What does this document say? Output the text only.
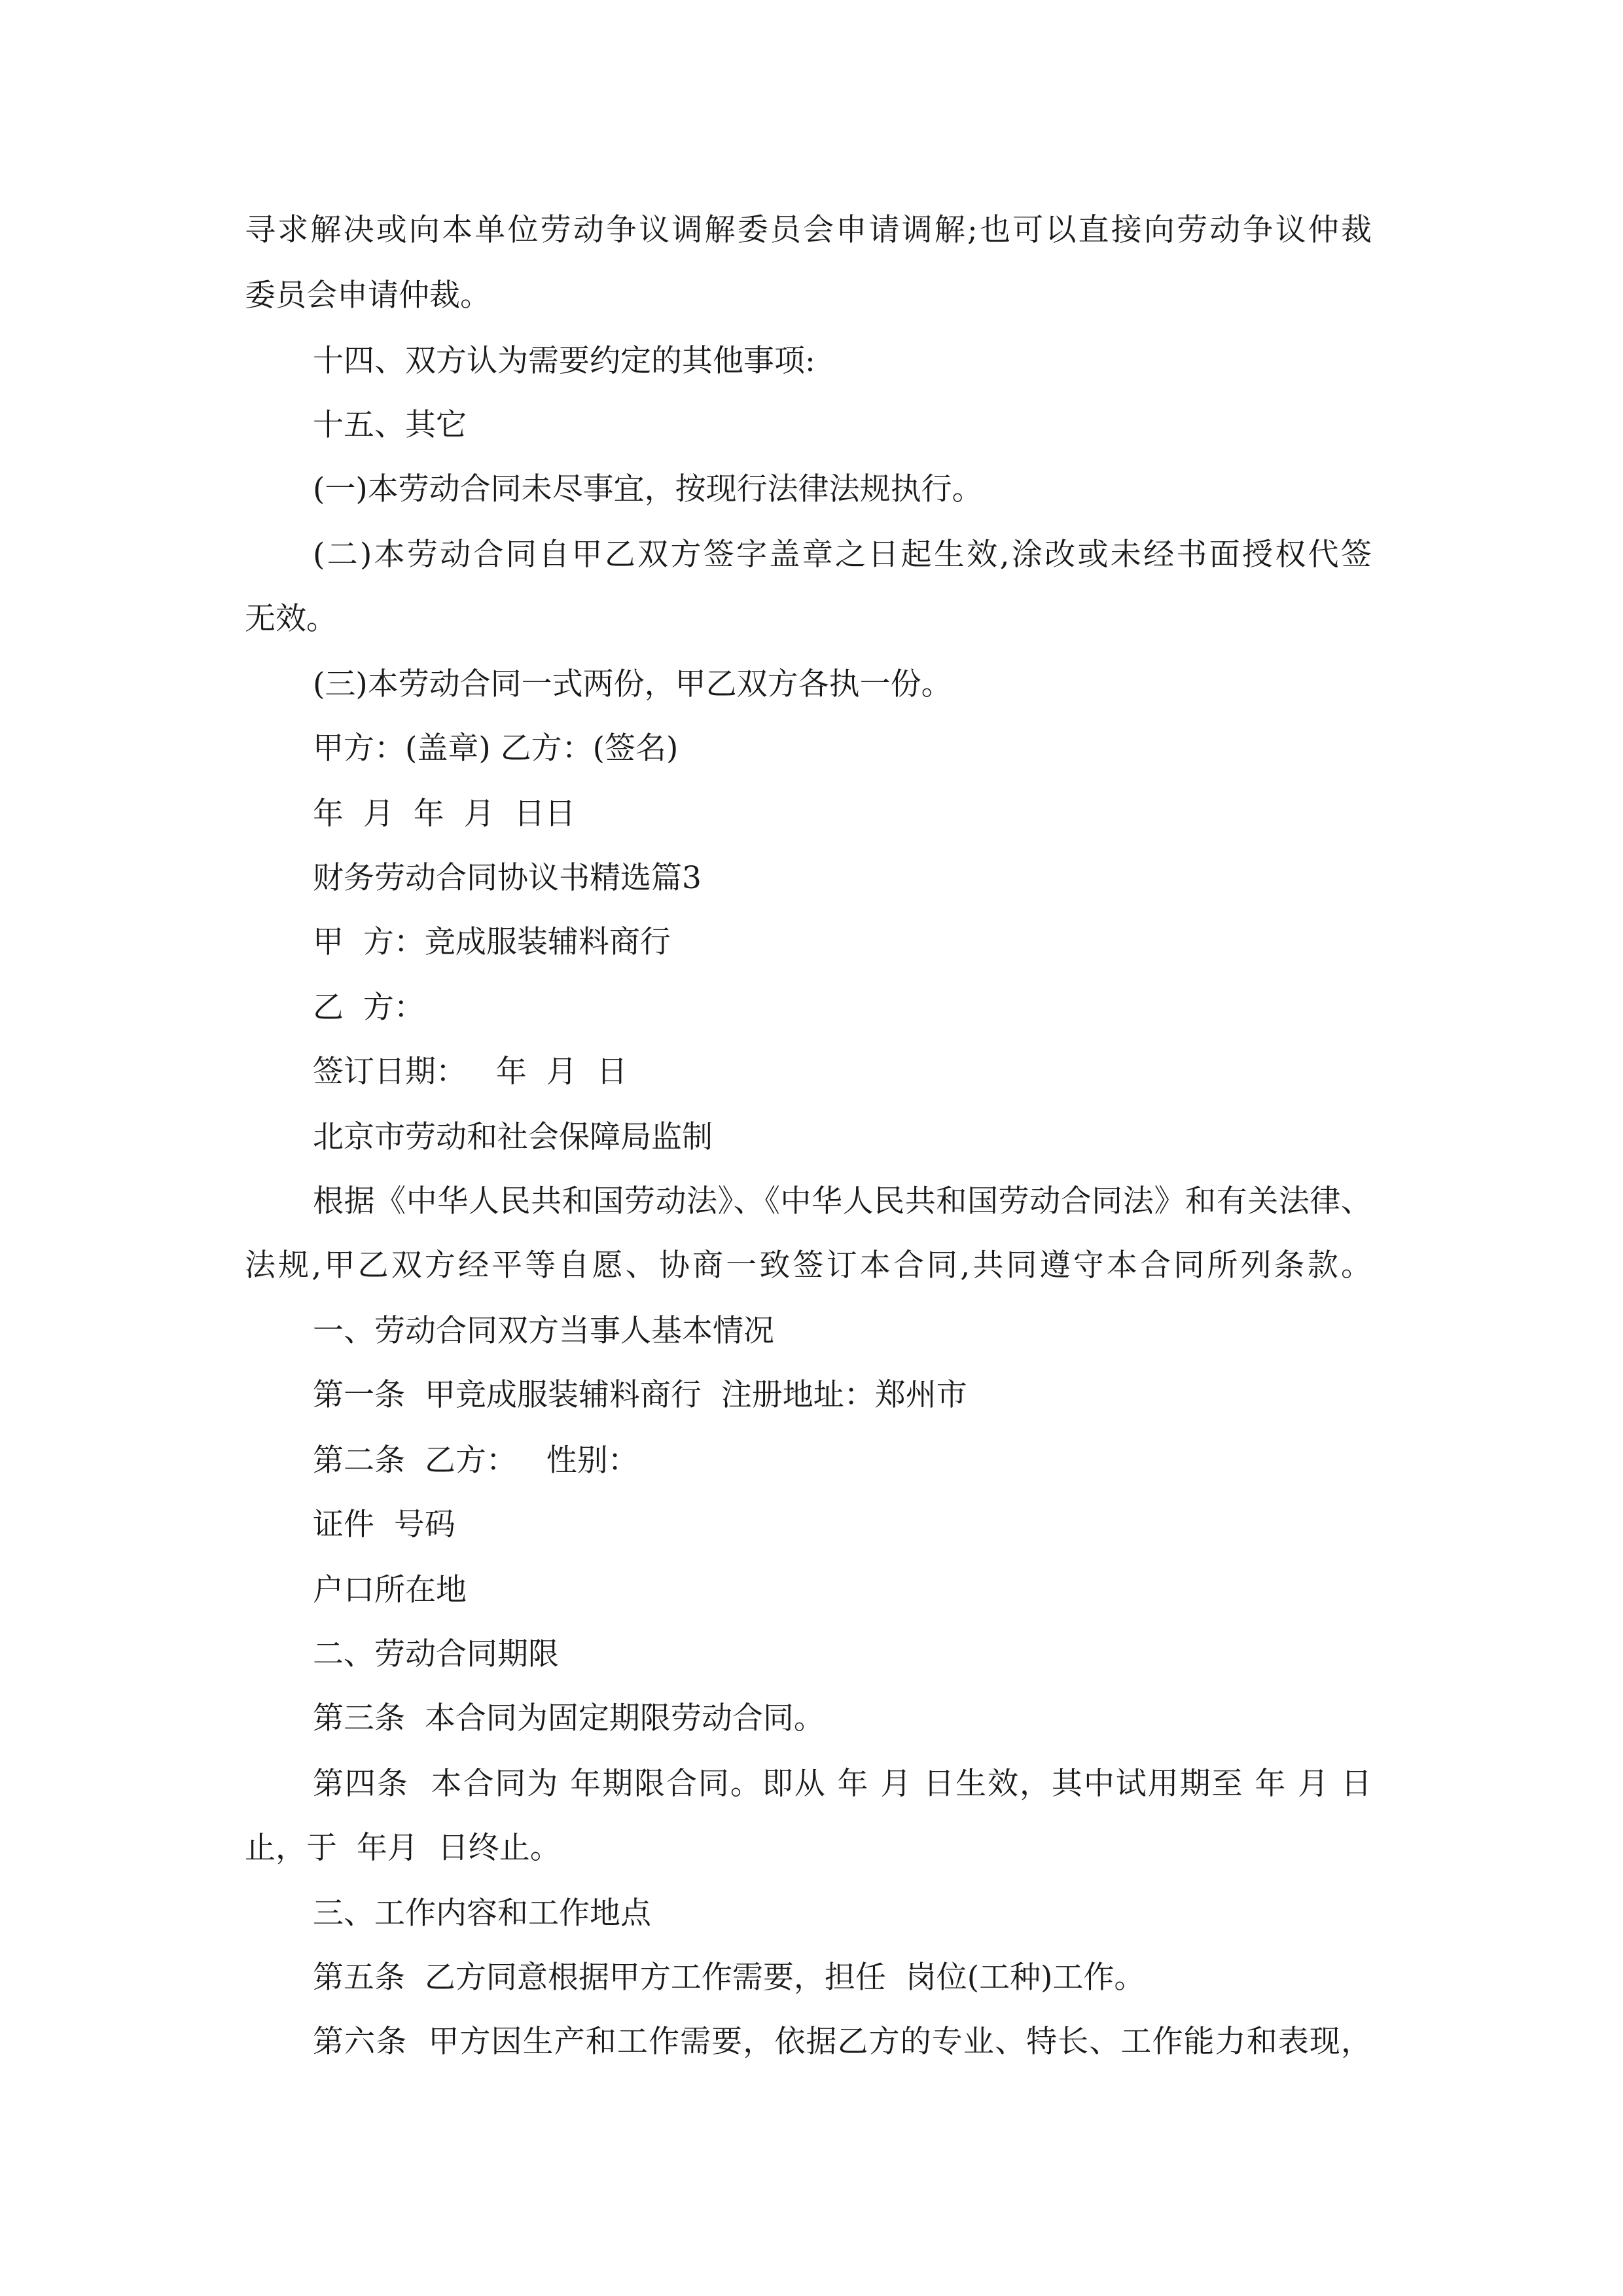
寻求解决或向本单位劳动争议调解委员会申请调解;也可以直接向劳动争议仲裁
委员会申请仲裁。
十四、双方认为需要约定的其他事项:
十五、其它
(一)本劳动合同未尽事宜，按现行法律法规执行。
(二)本劳动合同自甲乙双方签字盖章之日起生效,涂改或未经书面授权代签
无效。
(三)本劳动合同一式两份，甲乙双方各执一份。
甲方：(盖章) 乙方：(签名)
年  月  年  月  日日
财务劳动合同协议书精选篇3
甲  方：竞成服装辅料商行
乙  方：
签订日期：   年  月  日
北京市劳动和社会保障局监制
根据《中华人民共和国劳动法》、《中华人民共和国劳动合同法》和有关法律、
法规,甲乙双方经平等自愿、协商一致签订本合同,共同遵守本合同所列条款。
一、劳动合同双方当事人基本情况
第一条  甲竞成服装辅料商行  注册地址：郑州市
第二条  乙方：   性别：
证件  号码
户口所在地
二、劳动合同期限
第三条  本合同为固定期限劳动合同。
第四条  本合同为 年期限合同。即从 年 月 日生效，其中试用期至 年 月 日
止，于  年月  日终止。
三、工作内容和工作地点
第五条  乙方同意根据甲方工作需要，担任  岗位(工种)工作。
第六条  甲方因生产和工作需要，依据乙方的专业、特长、工作能力和表现，
